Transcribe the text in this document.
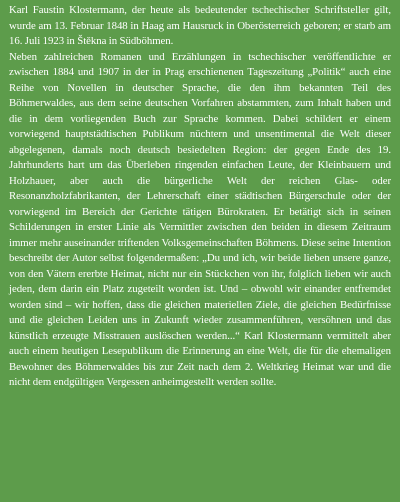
Karl Faustin Klostermann, der heute als bedeutender tschechischer Schriftsteller gilt, wurde am 13. Februar 1848 in Haag am Hausruck in Oberösterreich geboren; er starb am 16. Juli 1923 in Štěkna in Südböhmen.

Neben zahlreichen Romanen und Erzählungen in tschechischer veröffentlichte er zwischen 1884 und 1907 in der in Prag erschienenen Tageszeitung „Politik“ auch eine Reihe von Novellen in deutscher Sprache, die den ihm bekannten Teil des Böhmerwaldes, aus dem seine deutschen Vorfahren abstammten, zum Inhalt haben und die in dem vorliegenden Buch zur Sprache kommen. Dabei schildert er einem vorwiegend hauptstädtischen Publikum nüchtern und unsentimental die Welt dieser abgelegenen, damals noch deutsch besiedelten Region: der gegen Ende des 19. Jahrhunderts hart um das Überleben ringenden einfachen Leute, der Kleinbauern und Holzhauer, aber auch die bürgerliche Welt der reichen Glas- oder Resonanzholzfabrikanten, der Lehrerschaft einer städtischen Bürgerschule oder der vorwiegend im Bereich der Gerichte tätigen Bürokraten. Er betätigt sich in seinen Schilderungen in erster Linie als Vermittler zwischen den beiden in diesem Zeitraum immer mehr auseinander triftenden Volksgemeinschaften Böhmens. Diese seine Intention beschreibt der Autor selbst folgendermaßen: „Du und ich, wir beide lieben unsere ganze, von den Vätern ererbte Heimat, nicht nur ein Stückchen von ihr, folglich lieben wir auch jeden, dem darin ein Platz zugeteilt worden ist. Und – obwohl wir einander entfremdet worden sind – wir hoffen, dass die gleichen materiellen Ziele, die gleichen Bedürfnisse und die gleichen Leiden uns in Zukunft wieder zusammenführen, versöhnen und das künstlich erzeugte Misstrauen auslöschen werden...“ Karl Klostermann vermittelt aber auch einem heutigen Lesepublikum die Erinnerung an eine Welt, die für die ehemaligen Bewohner des Böhmerwaldes bis zur Zeit nach dem 2. Weltkrieg Heimat war und die nicht dem endgültigen Vergessen anheimgestellt werden sollte.
